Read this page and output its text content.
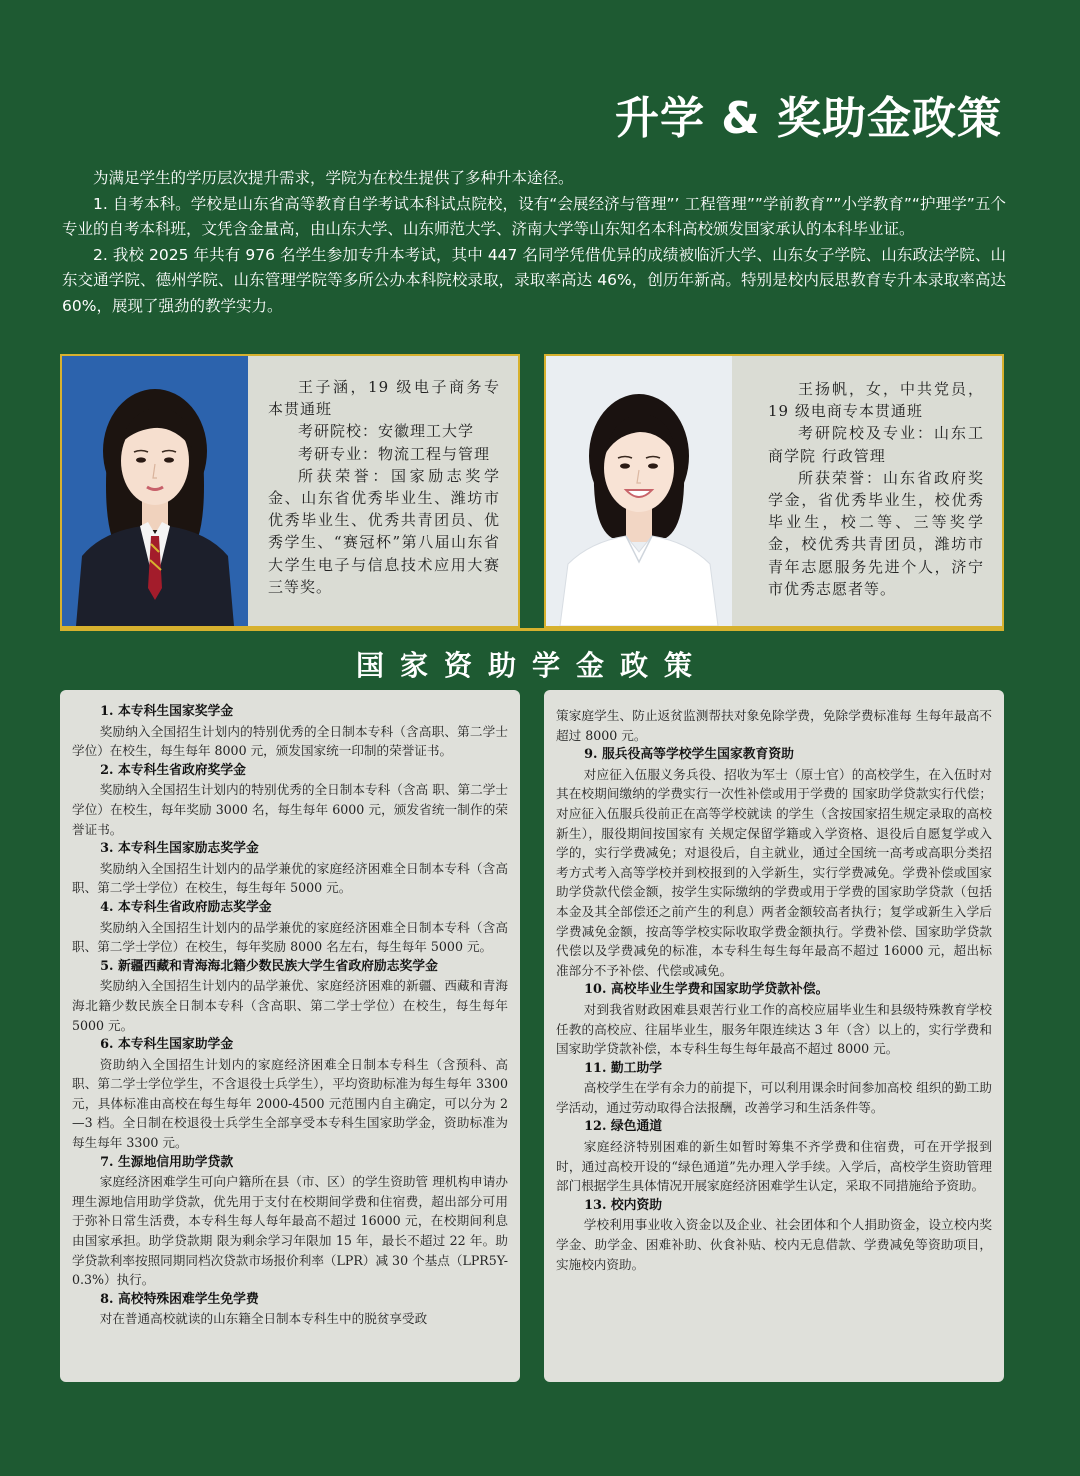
升学 & 奖助金政策

为满足学生的学历层次提升需求，学院为在校生提供了多种升本途径。

1. 自考本科。学校是山东省高等教育自学考试本科试点院校，设有“会展经济与管理”’ 工程管理””学前教育””小学教育”“护理学”五个专业的自考本科班，文凭含金量高，由山东大学、山东师范大学、济南大学等山东知名本科高校颁发国家承认的本科毕业证。

2. 我校 2025 年共有 976 名学生参加专升本考试，其中 447 名同学凭借优异的成绩被临沂大学、山东女子学院、山东政法学院、山东交通学院、德州学院、山东管理学院等多所公办本科院校录取，录取率高达 46%，创历年新高。特别是校内辰思教育专升本录取率高达 60%，展现了强劲的教学实力。

王子涵，19 级电子商务专本贯通班

考研院校：安徽理工大学

考研专业：物流工程与管理

所获荣誉：国家励志奖学金、山东省优秀毕业生、潍坊市优秀毕业生、优秀共青团员、优秀学生、“赛冠杯”第八届山东省大学生电子与信息技术应用大赛三等奖。

王扬帆，女，中共党员，19 级电商专本贯通班

考研院校及专业：山东工商学院 行政管理

所获荣誉：山东省政府奖学金，省优秀毕业生，校优秀毕业生，校二等、三等奖学金，校优秀共青团员，潍坊市青年志愿服务先进个人，济宁市优秀志愿者等。

国家资助学金政策
1. 本专科生国家奖学金

奖励纳入全国招生计划内的特别优秀的全日制本专科（含高职、第二学士学位）在校生，每生每年 8000 元，颁发国家统一印制的荣誉证书。

2. 本专科生省政府奖学金

奖励纳入全国招生计划内的特别优秀的全日制本专科（含高 职、第二学士学位）在校生，每年奖励 3000 名，每生每年 6000 元，颁发省统一制作的荣誉证书。

3. 本专科生国家励志奖学金

奖励纳入全国招生计划内的品学兼优的家庭经济困难全日制本专科（含高职、第二学士学位）在校生，每生每年 5000 元。

4. 本专科生省政府励志奖学金

奖励纳入全国招生计划内的品学兼优的家庭经济困难全日制本专科（含高职、第二学士学位）在校生，每年奖励 8000 名左右，每生每年 5000 元。

5. 新疆西藏和青海海北籍少数民族大学生省政府励志奖学金

奖励纳入全国招生计划内的品学兼优、家庭经济困难的新疆、西藏和青海海北籍少数民族全日制本专科（含高职、第二学士学位）在校生，每生每年 5000 元。

6. 本专科生国家助学金

资助纳入全国招生计划内的家庭经济困难全日制本专科生（含预科、高职、第二学士学位学生，不含退役士兵学生），平均资助标准为每生每年 3300 元，具体标准由高校在每生每年 2000-4500 元范围内自主确定，可以分为 2—3 档。全日制在校退役士兵学生全部享受本专科生国家助学金，资助标准为每生每年 3300 元。

7. 生源地信用助学贷款

家庭经济困难学生可向户籍所在县（市、区）的学生资助管 理机构申请办理生源地信用助学贷款，优先用于支付在校期间学费和住宿费，超出部分可用于弥补日常生活费，本专科生每人每年最高不超过 16000 元，在校期间利息由国家承担。助学贷款期 限为剩余学习年限加 15 年，最长不超过 22 年。助学贷款利率按照同期同档次贷款市场报价利率（LPR）减 30 个基点（LPR5Y-0.3%）执行。

8. 高校特殊困难学生免学费

对在普通高校就读的山东籍全日制本专科生中的脱贫享受政

策家庭学生、防止返贫监测帮扶对象免除学费，免除学费标准每 生每年最高不超过 8000 元。

9. 服兵役高等学校学生国家教育资助

对应征入伍服义务兵役、招收为军士（原士官）的高校学生，在入伍时对其在校期间缴纳的学费实行一次性补偿或用于学费的 国家助学贷款实行代偿；对应征入伍服兵役前正在高等学校就读 的学生（含按国家招生规定录取的高校新生），服役期间按国家有 关规定保留学籍或入学资格、退役后自愿复学或入学的，实行学费减免；对退役后，自主就业，通过全国统一高考或高职分类招考方式考入高等学校并到校报到的入学新生，实行学费减免。学费补偿或国家助学贷款代偿金额，按学生实际缴纳的学费或用于学费的国家助学贷款（包括本金及其全部偿还之前产生的利息）两者金额较高者执行；复学或新生入学后学费减免金额，按高等学校实际收取学费金额执行。学费补偿、国家助学贷款代偿以及学费减免的标准，本专科生每生每年最高不超过 16000 元，超出标准部分不予补偿、代偿或减免。

10. 高校毕业生学费和国家助学贷款补偿。

对到我省财政困难县艰苦行业工作的高校应届毕业生和县级特殊教育学校任教的高校应、往届毕业生，服务年限连续达 3 年（含）以上的，实行学费和国家助学贷款补偿，本专科生每生每年最高不超过 8000 元。

11. 勤工助学

高校学生在学有余力的前提下，可以利用课余时间参加高校 组织的勤工助学活动，通过劳动取得合法报酬，改善学习和生活条件等。

12. 绿色通道

家庭经济特别困难的新生如暂时筹集不齐学费和住宿费，可在开学报到时，通过高校开设的“绿色通道”先办理入学手续。入学后，高校学生资助管理部门根据学生具体情况开展家庭经济困难学生认定，采取不同措施给予资助。

13. 校内资助

学校利用事业收入资金以及企业、社会团体和个人捐助资金，设立校内奖学金、助学金、困难补助、伙食补贴、校内无息借款、学费减免等资助项目，实施校内资助。
